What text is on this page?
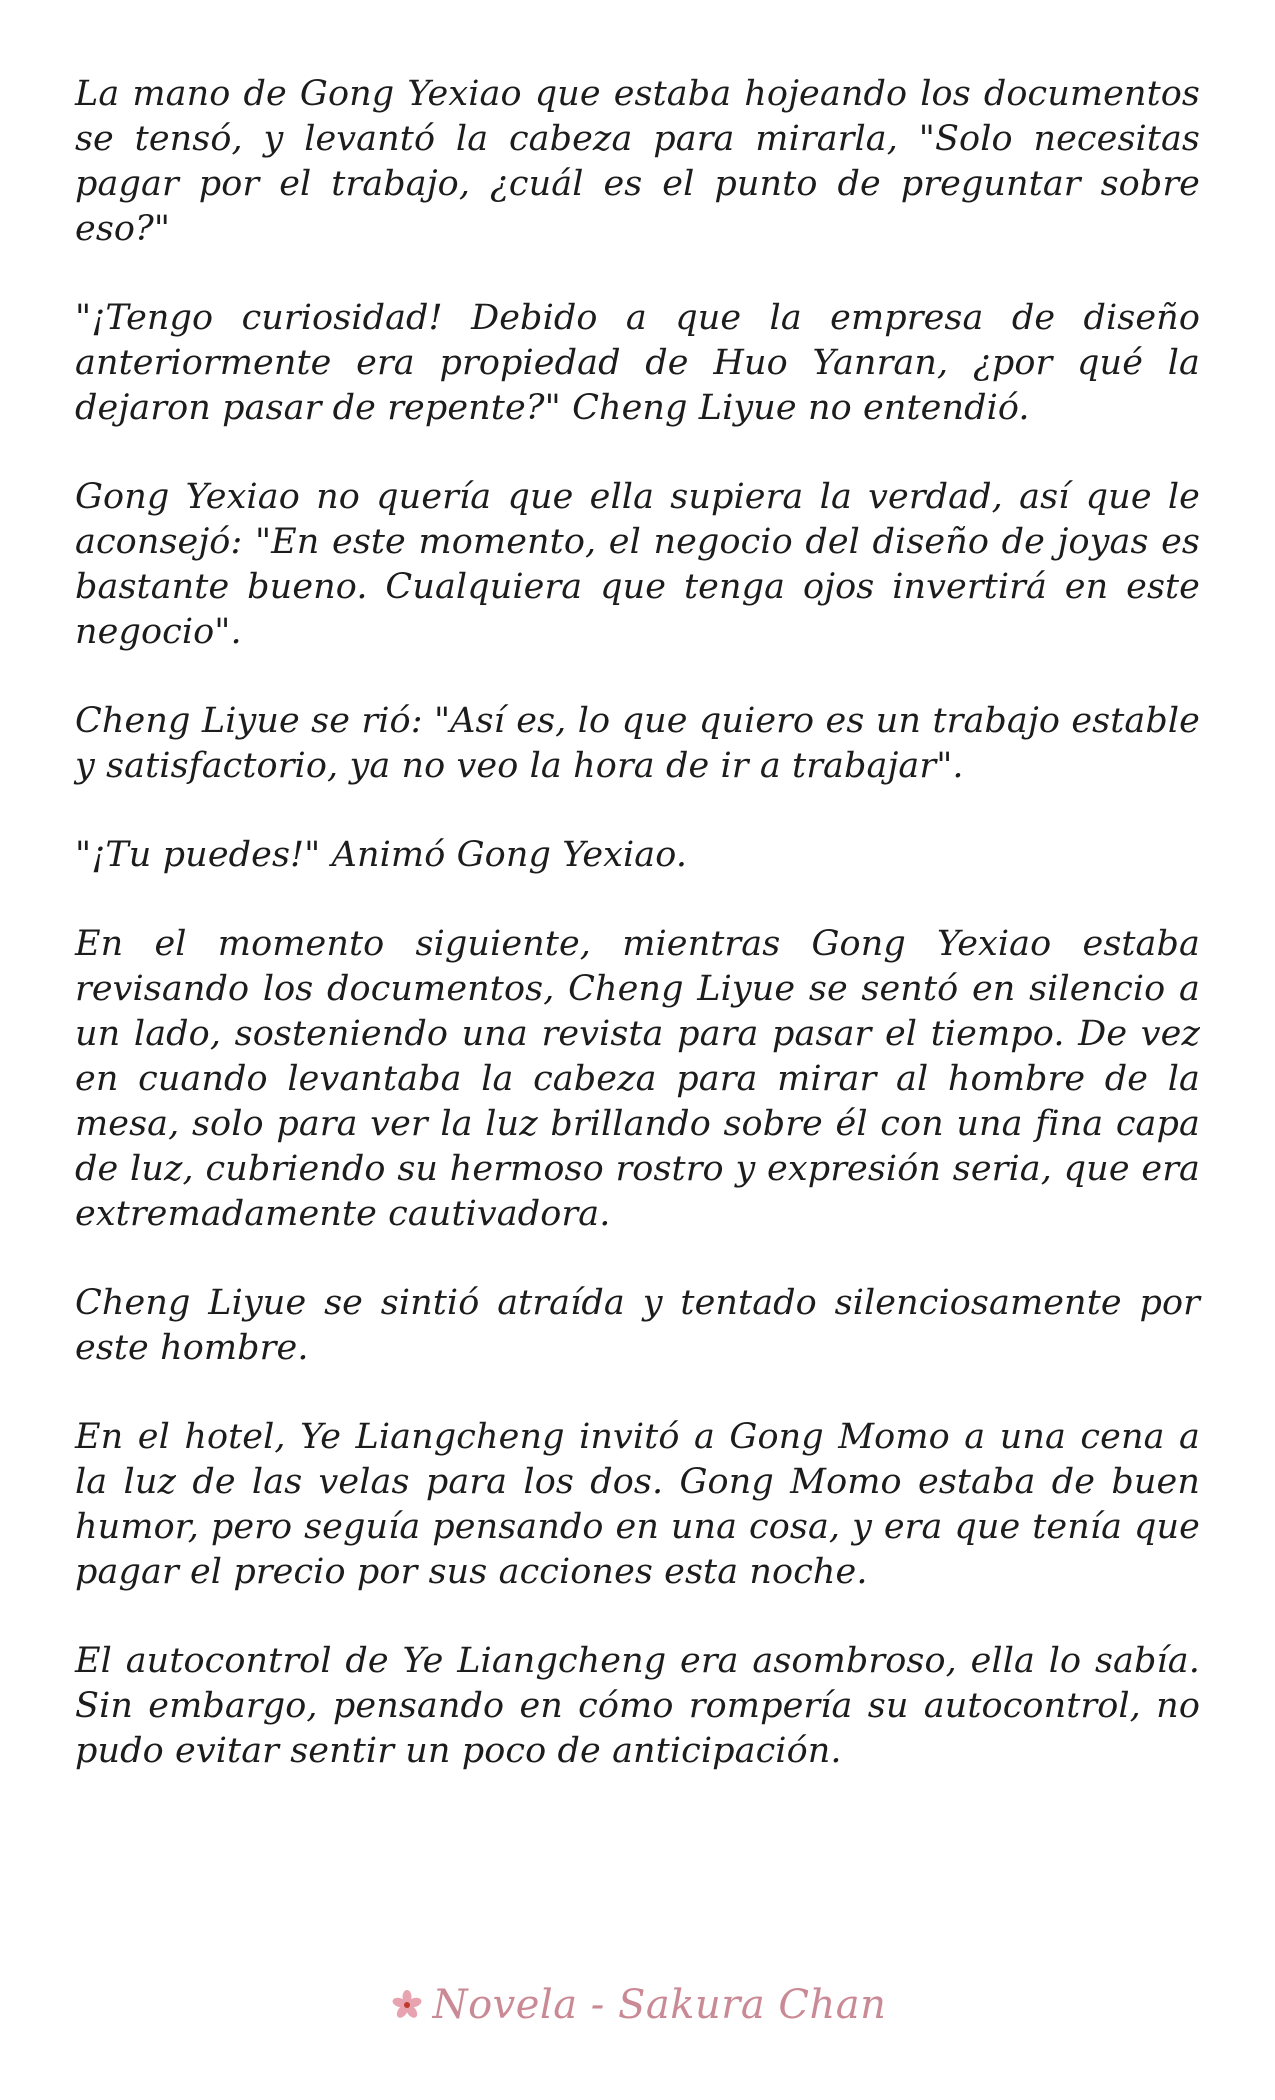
La mano de Gong Yexiao que estaba hojeando los documentos se tensó, y levantó la cabeza para mirarla, "Solo necesitas pagar por el trabajo, ¿cuál es el punto de preguntar sobre eso?"

"¡Tengo curiosidad! Debido a que la empresa de diseño anteriormente era propiedad de Huo Yanran, ¿por qué la dejaron pasar de repente?" Cheng Liyue no entendió.

Gong Yexiao no quería que ella supiera la verdad, así que le aconsejó: "En este momento, el negocio del diseño de joyas es bastante bueno. Cualquiera que tenga ojos invertirá en este negocio".

Cheng Liyue se rió: "Así es, lo que quiero es un trabajo estable y satisfactorio, ya no veo la hora de ir a trabajar".

"¡Tu puedes!" Animó Gong Yexiao.

En el momento siguiente, mientras Gong Yexiao estaba revisando los documentos, Cheng Liyue se sentó en silencio a un lado, sosteniendo una revista para pasar el tiempo. De vez en cuando levantaba la cabeza para mirar al hombre de la mesa, solo para ver la luz brillando sobre él con una fina capa de luz, cubriendo su hermoso rostro y expresión seria, que era extremadamente cautivadora.

Cheng Liyue se sintió atraída y tentado silenciosamente por este hombre.

En el hotel, Ye Liangcheng invitó a Gong Momo a una cena a la luz de las velas para los dos. Gong Momo estaba de buen humor, pero seguía pensando en una cosa, y era que tenía que pagar el precio por sus acciones esta noche.

El autocontrol de Ye Liangcheng era asombroso, ella lo sabía. Sin embargo, pensando en cómo rompería su autocontrol, no pudo evitar sentir un poco de anticipación.

Novela - Sakura Chan
